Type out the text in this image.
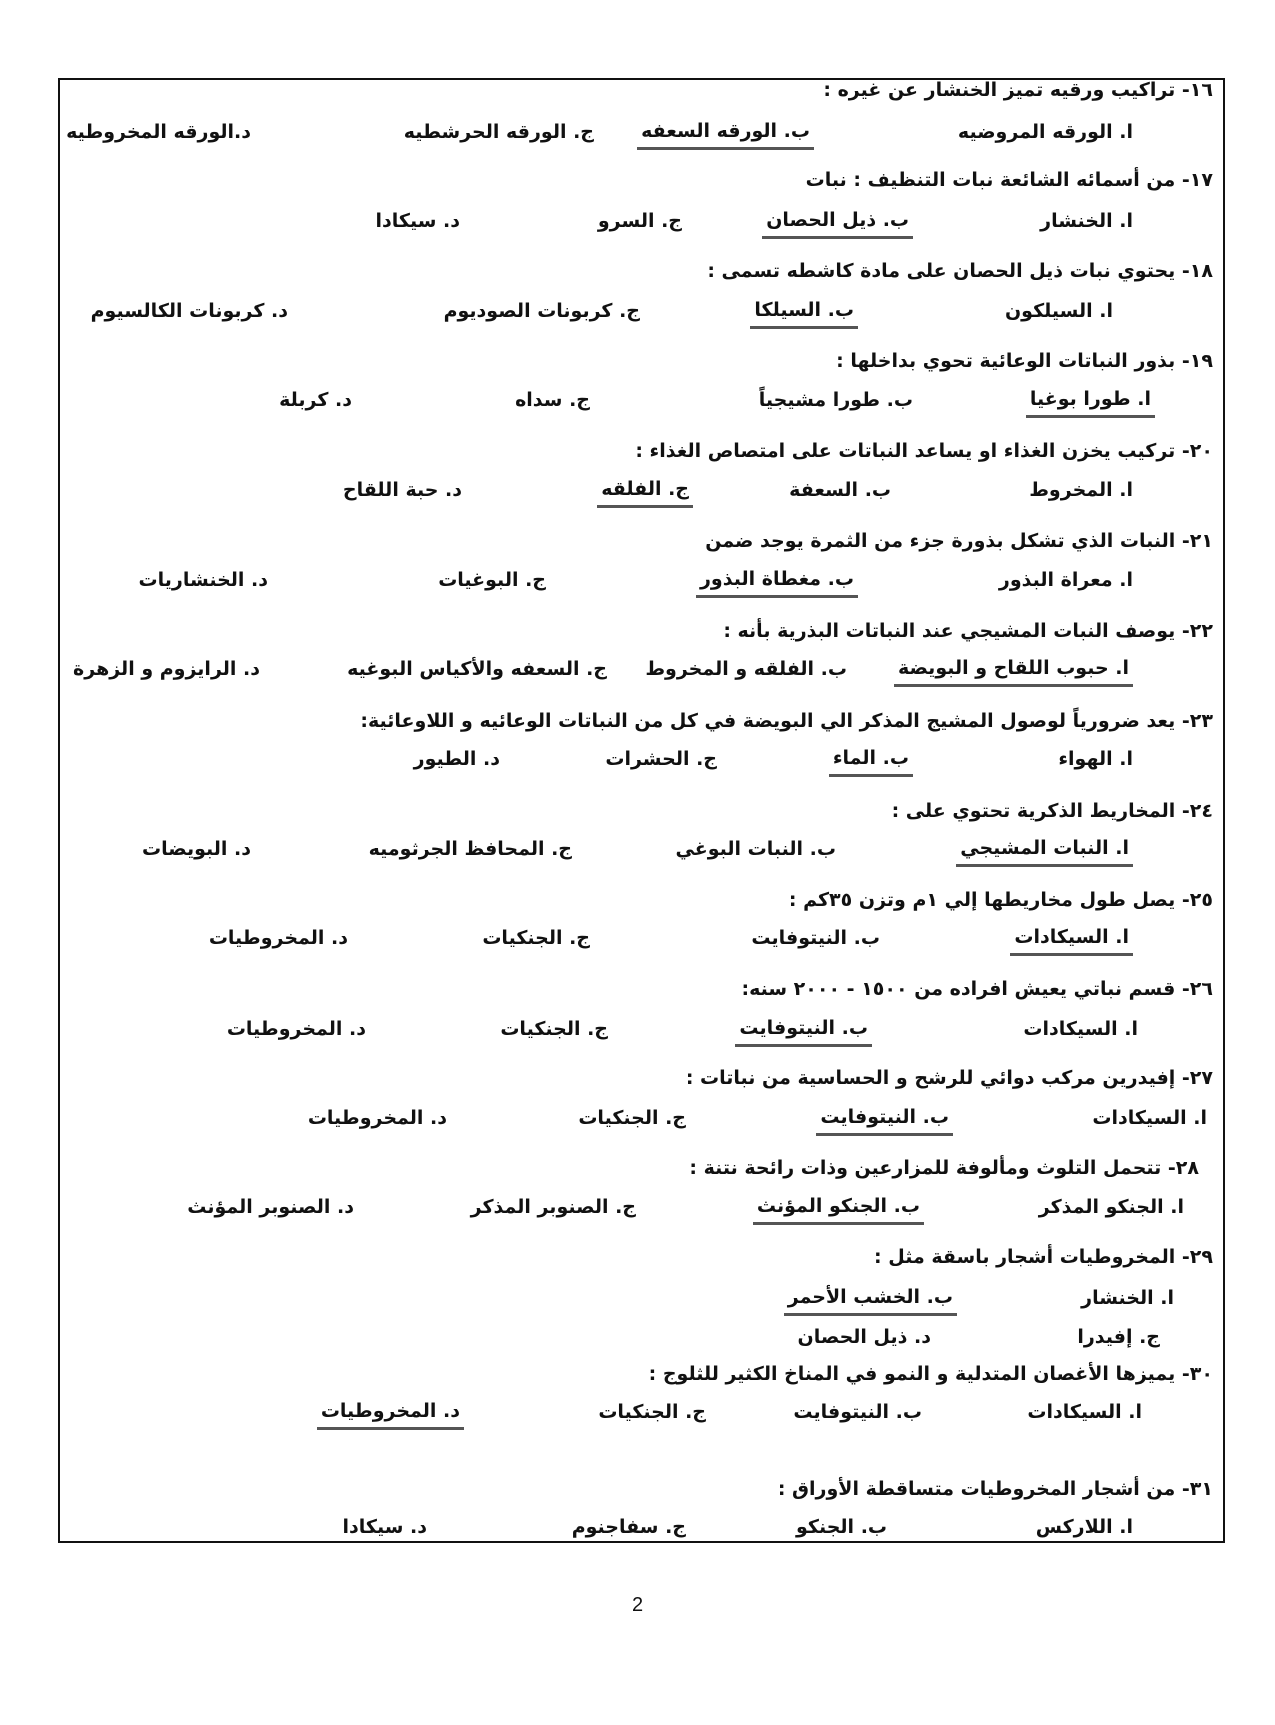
١٦- تراكيب ورقيه تميز الخنشار عن غيره :
ا. الورقه المروضيه
ب. الورقه السعفه
ج. الورقه الحرشطيه
د.الورقه المخروطيه
١٧- من أسمائه الشائعة نبات التنظيف : نبات
ا. الخنشار
ب. ذيل الحصان
ج. السرو
د. سيكادا
١٨- يحتوي نبات ذيل الحصان على مادة كاشطه تسمى :
ا. السيلكون
ب. السيلكا
ج. كربونات الصوديوم
د. كربونات الكالسيوم
١٩- بذور النباتات الوعائية تحوي بداخلها :
ا. طورا بوغيا
ب. طورا مشيجياً
ج. سداه
د. كربلة
٢٠- تركيب يخزن الغذاء او يساعد النباتات على امتصاص الغذاء :
ا. المخروط
ب. السعفة
ج. الفلقه
د. حبة اللقاح
٢١- النبات الذي تشكل بذورة جزء من الثمرة يوجد ضمن
ا. معراة البذور
ب. مغطاة البذور
ج. البوغيات
د. الخنشاريات
٢٢- يوصف النبات المشيجي عند النباتات البذرية بأنه :
ا. حبوب اللقاح و البويضة
ب. الفلقه و المخروط
ج. السعفه والأكياس البوغيه
د. الرايزوم و الزهرة
٢٣- يعد ضرورياً لوصول المشيج المذكر الي البويضة في كل من النباتات الوعائيه و اللاوعائية:
ا. الهواء
ب. الماء
ج. الحشرات
د. الطيور
٢٤- المخاريط الذكرية تحتوي على :
ا. النبات المشيجي
ب. النبات البوغي
ج. المحافظ الجرثوميه
د. البويضات
٢٥- يصل طول مخاريطها إلي ١م وتزن ٣٥كم :
ا. السيكادات
ب. النيتوفايت
ج. الجنكيات
د. المخروطيات
٢٦- قسم نباتي يعيش افراده من ١٥٠٠ - ٢٠٠٠ سنه:
ا. السيكادات
ب. النيتوفايت
ج. الجنكيات
د. المخروطيات
٢٧- إفيدرين مركب دوائي للرشح و الحساسية من نباتات :
ا. السيكادات
ب. النيتوفايت
ج. الجنكيات
د. المخروطيات
٢٨- تتحمل التلوث ومألوفة للمزارعين وذات رائحة نتنة :
ا. الجنكو المذكر
ب. الجنكو المؤنث
ج. الصنوبر المذكر
د. الصنوبر المؤنث
٢٩- المخروطيات أشجار باسقة مثل :
ا. الخنشار
ب. الخشب الأحمر
ج. إفيدرا
د. ذيل الحصان
٣٠- يميزها الأغصان المتدلية و النمو في المناخ الكثير للثلوج :
ا. السيكادات
ب. النيتوفايت
ج. الجنكيات
د. المخروطيات
٣١- من أشجار المخروطيات متساقطة الأوراق :
ا. اللاركس
ب. الجنكو
ج. سفاجنوم
د. سيكادا
2
